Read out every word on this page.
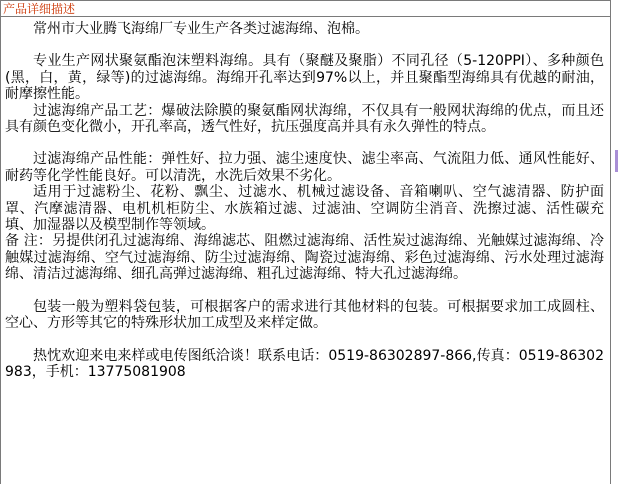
产品详细描述

常州市大业腾飞海绵厂专业生产各类过滤海绵、泡棉。

专业生产网状聚氨酯泡沫塑料海绵。具有（聚醚及聚脂）不同孔径（5-120PPI）、多种颜色(黑，白，黄，绿等)的过滤海绵。海绵开孔率达到97%以上，并且聚酯型海绵具有优越的耐油，耐摩擦性能。

过滤海绵产品工艺：爆破法除膜的聚氨酯网状海绵，不仅具有一般网状海绵的优点，而且还具有颜色变化微小，开孔率高，透气性好，抗压强度高并具有永久弹性的特点。

过滤海绵产品性能：弹性好、拉力强、滤尘速度快、滤尘率高、气流阻力低、通风性能好、耐药等化学性能良好。可以清洗，水洗后效果不劣化。

适用于过滤粉尘、花粉、飘尘、过滤水、机械过滤设备、音箱喇叭、空气滤清器、防护面罩、汽摩滤清器、电机机柜防尘、水族箱过滤、过滤油、空调防尘消音、洗擦过滤、活性碳充填、加湿器以及模型制作等领域。

备 注：另提供闭孔过滤海绵、海绵滤芯、阻燃过滤海绵、活性炭过滤海绵、光触媒过滤海绵、冷触媒过滤海绵、空气过滤海绵、防尘过滤海绵、陶瓷过滤海绵、彩色过滤海绵、污水处理过滤海绵、清洁过滤海绵、细孔高弹过滤海绵、粗孔过滤海绵、特大孔过滤海绵。

包装一般为塑料袋包装，可根据客户的需求进行其他材料的包装。可根据要求加工成圆柱、空心、方形等其它的特殊形状加工成型及来样定做。

热忱欢迎来电来样或电传图纸洽谈！联系电话：0519-86302897-866,传真：0519-86302983，手机：13775081908
